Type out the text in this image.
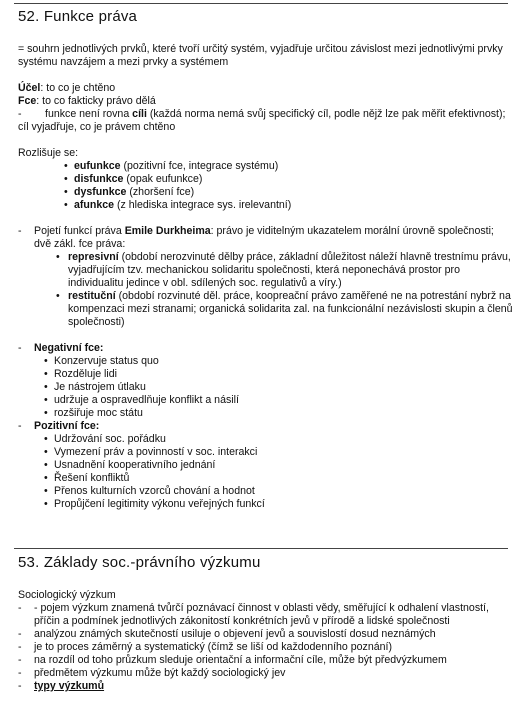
52. Funkce práva
= souhrn jednotlivých prvků, které tvoří určitý systém, vyjadřuje určitou závislost mezi jednotlivými prvky systému navzájem a mezi prvky a systémem
Účel: to co je chtěno
Fce: to co fakticky právo dělá
-	funkce není rovna cíli (každá norma nemá svůj specifický cíl, podle nějž lze pak měřit efektivnost); cíl vyjadřuje, co je právem chtěno
Rozlišuje se:
• eufunkce (pozitivní fce, integrace systému)
• disfunkce (opak eufunkce)
• dysfunkce (zhoršení fce)
• afunkce (z hlediska integrace sys. irelevantní)
- Pojetí funkcí práva Emile Durkheima: právo je viditelným ukazatelem morální úrovně společnosti; dvě zákl. fce práva:
• represivní (období nerozvinuté dělby práce, základní důležitost náleží hlavně trestnímu právu, vyjadřujícím tzv. mechanickou solidaritu společnosti, která neponechává prostor pro individualitu jedince v obl. sdílených soc. regulativů a víry.)
• restituční (období rozvinuté děl. práce, koopreační právo zaměřené ne na potrestání nybrž na kompenzaci mezi stranami; organická solidarita zal. na funkcionální nezávislosti skupin a členů společnosti)
- Negativní fce:
• Konzervuje status quo
• Rozděluje lidi
• Je nástrojem útlaku
• udržuje a ospravedlňuje konflikt a násilí
• rozšiřuje moc státu
- Pozitivní fce:
• Udržování soc. pořádku
• Vymezení práv a povinností v soc. interakci
• Usnadnění kooperativního jednání
• Řešení konfliktů
• Přenos kulturních vzorců chování a hodnot
• Propůjčení legitimity výkonu veřejných funkcí
53. Základy soc.-právního výzkumu
Sociologický výzkum
- - pojem výzkum znamená tvůrčí poznávací činnost v oblasti vědy, směřující k odhalení vlastností, příčin a podmínek jednotlivých zákonitostí konkrétních jevů v přírodě a lidské společnosti
- analýzou známých skutečností usiluje o objevení jevů a souvislostí dosud neznámých
- je to proces záměrný a systematický (čímž se liší od každodenního poznání)
- na rozdíl od toho průzkum sleduje orientační a informační cíle, může být předvýzkumem
- předmětem výzkumu může být každý sociologický jev
- typy výzkumů
